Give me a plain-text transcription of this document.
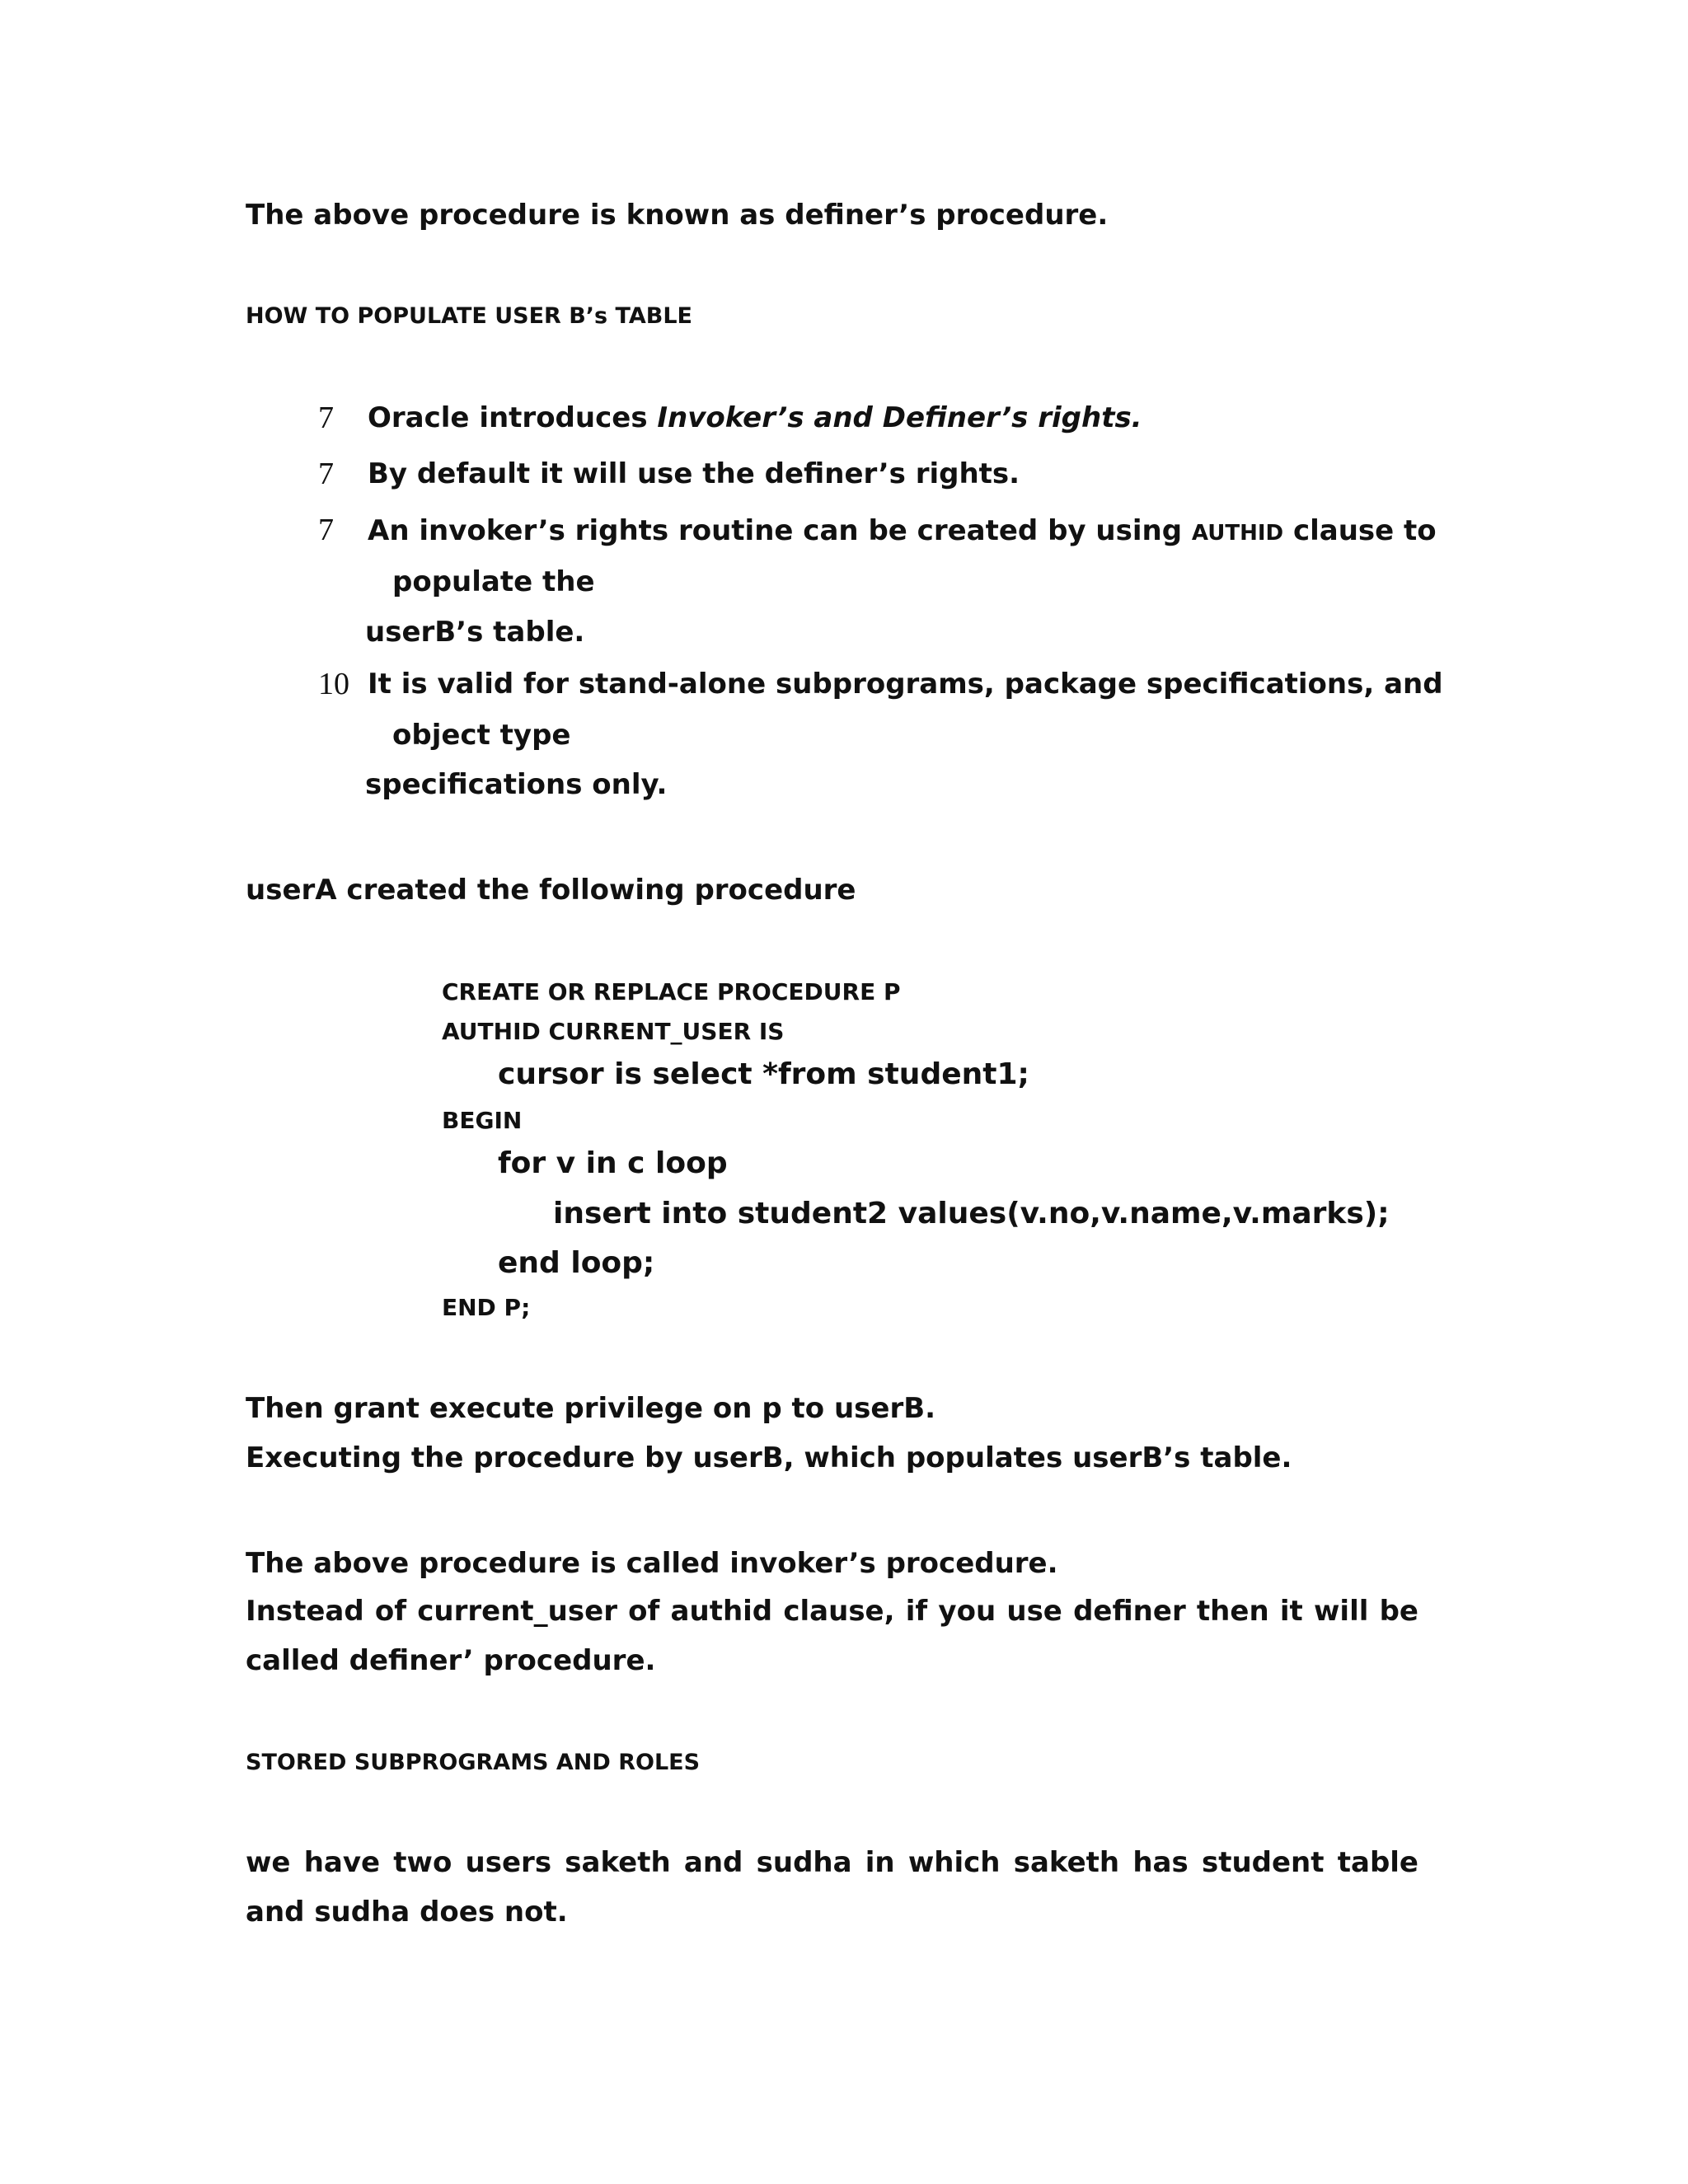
The above procedure is known as definer’s procedure.

HOW TO POPULATE USER B’s TABLE

7 Oracle introduces Invoker’s and Definer’s rights.

7 By default it will use the definer’s rights.

7 An invoker’s rights routine can be created by using AUTHID clause to

populate the

userB’s table.

10 It is valid for stand-alone subprograms, package specifications, and

object type

specifications only.

userA created the following procedure

CREATE OR REPLACE PROCEDURE P

AUTHID CURRENT_USER IS

cursor is select *from student1;

BEGIN

for v in c loop

insert into student2 values(v.no,v.name,v.marks);

end loop;

END P;

Then grant execute privilege on p to userB.

Executing the procedure by userB, which populates userB’s table.

The above procedure is called invoker’s procedure.

Instead of current_user of authid clause, if you use definer then it will be called definer’ procedure.

STORED SUBPROGRAMS AND ROLES

we have two users saketh and sudha in which saketh has student table and sudha does not.
